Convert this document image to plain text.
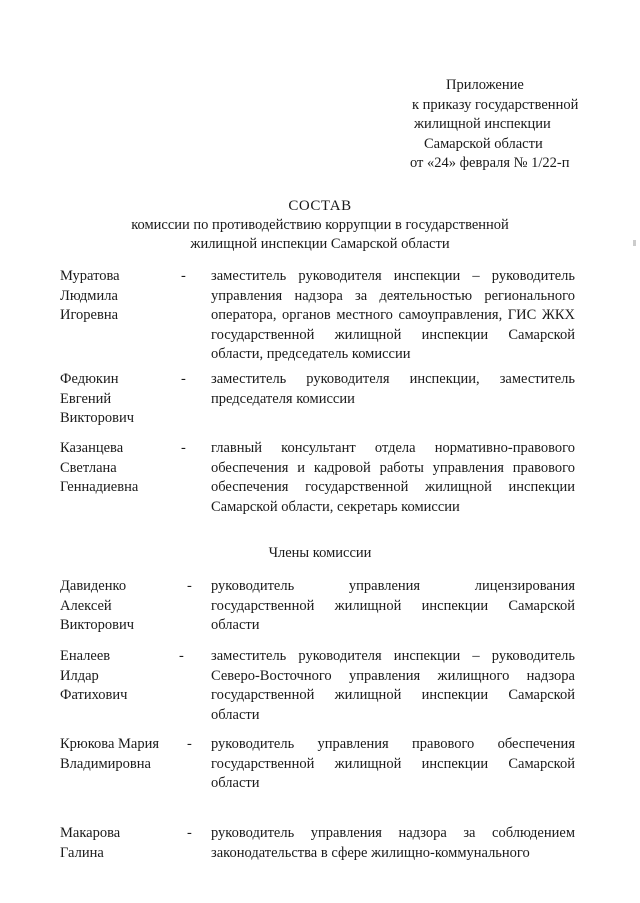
Приложение
к приказу государственной
жилищной инспекции
Самарской области
от «24» февраля № 1/22-п
СОСТАВ
комиссии по противодействию коррупции в государственной
жилищной инспекции Самарской области
Муратова
Людмила
Игоревна
- заместитель руководителя инспекции – руководитель управления надзора за деятельностью регионального оператора, органов местного самоуправления, ГИС ЖКХ государственной жилищной инспекции Самарской области, председатель комиссии
Федюкин
Евгений
Викторович
- заместитель руководителя инспекции, заместитель председателя комиссии
Казанцева
Светлана
Геннадиевна
- главный консультант отдела нормативно-правового обеспечения и кадровой работы управления правового обеспечения государственной жилищной инспекции Самарской области, секретарь комиссии
Члены комиссии
Давиденко
Алексей
Викторович
- руководитель управления лицензирования государственной жилищной инспекции Самарской области
Еналеев
Илдар
Фатихович
- заместитель руководителя инспекции – руководитель Северо-Восточного управления жилищного надзора государственной жилищной инспекции Самарской области
Крюкова Мария
Владимировна
- руководитель управления правового обеспечения государственной жилищной инспекции Самарской области
Макарова
Галина
- руководитель управления надзора за соблюдением законодательства в сфере жилищно-коммунального
